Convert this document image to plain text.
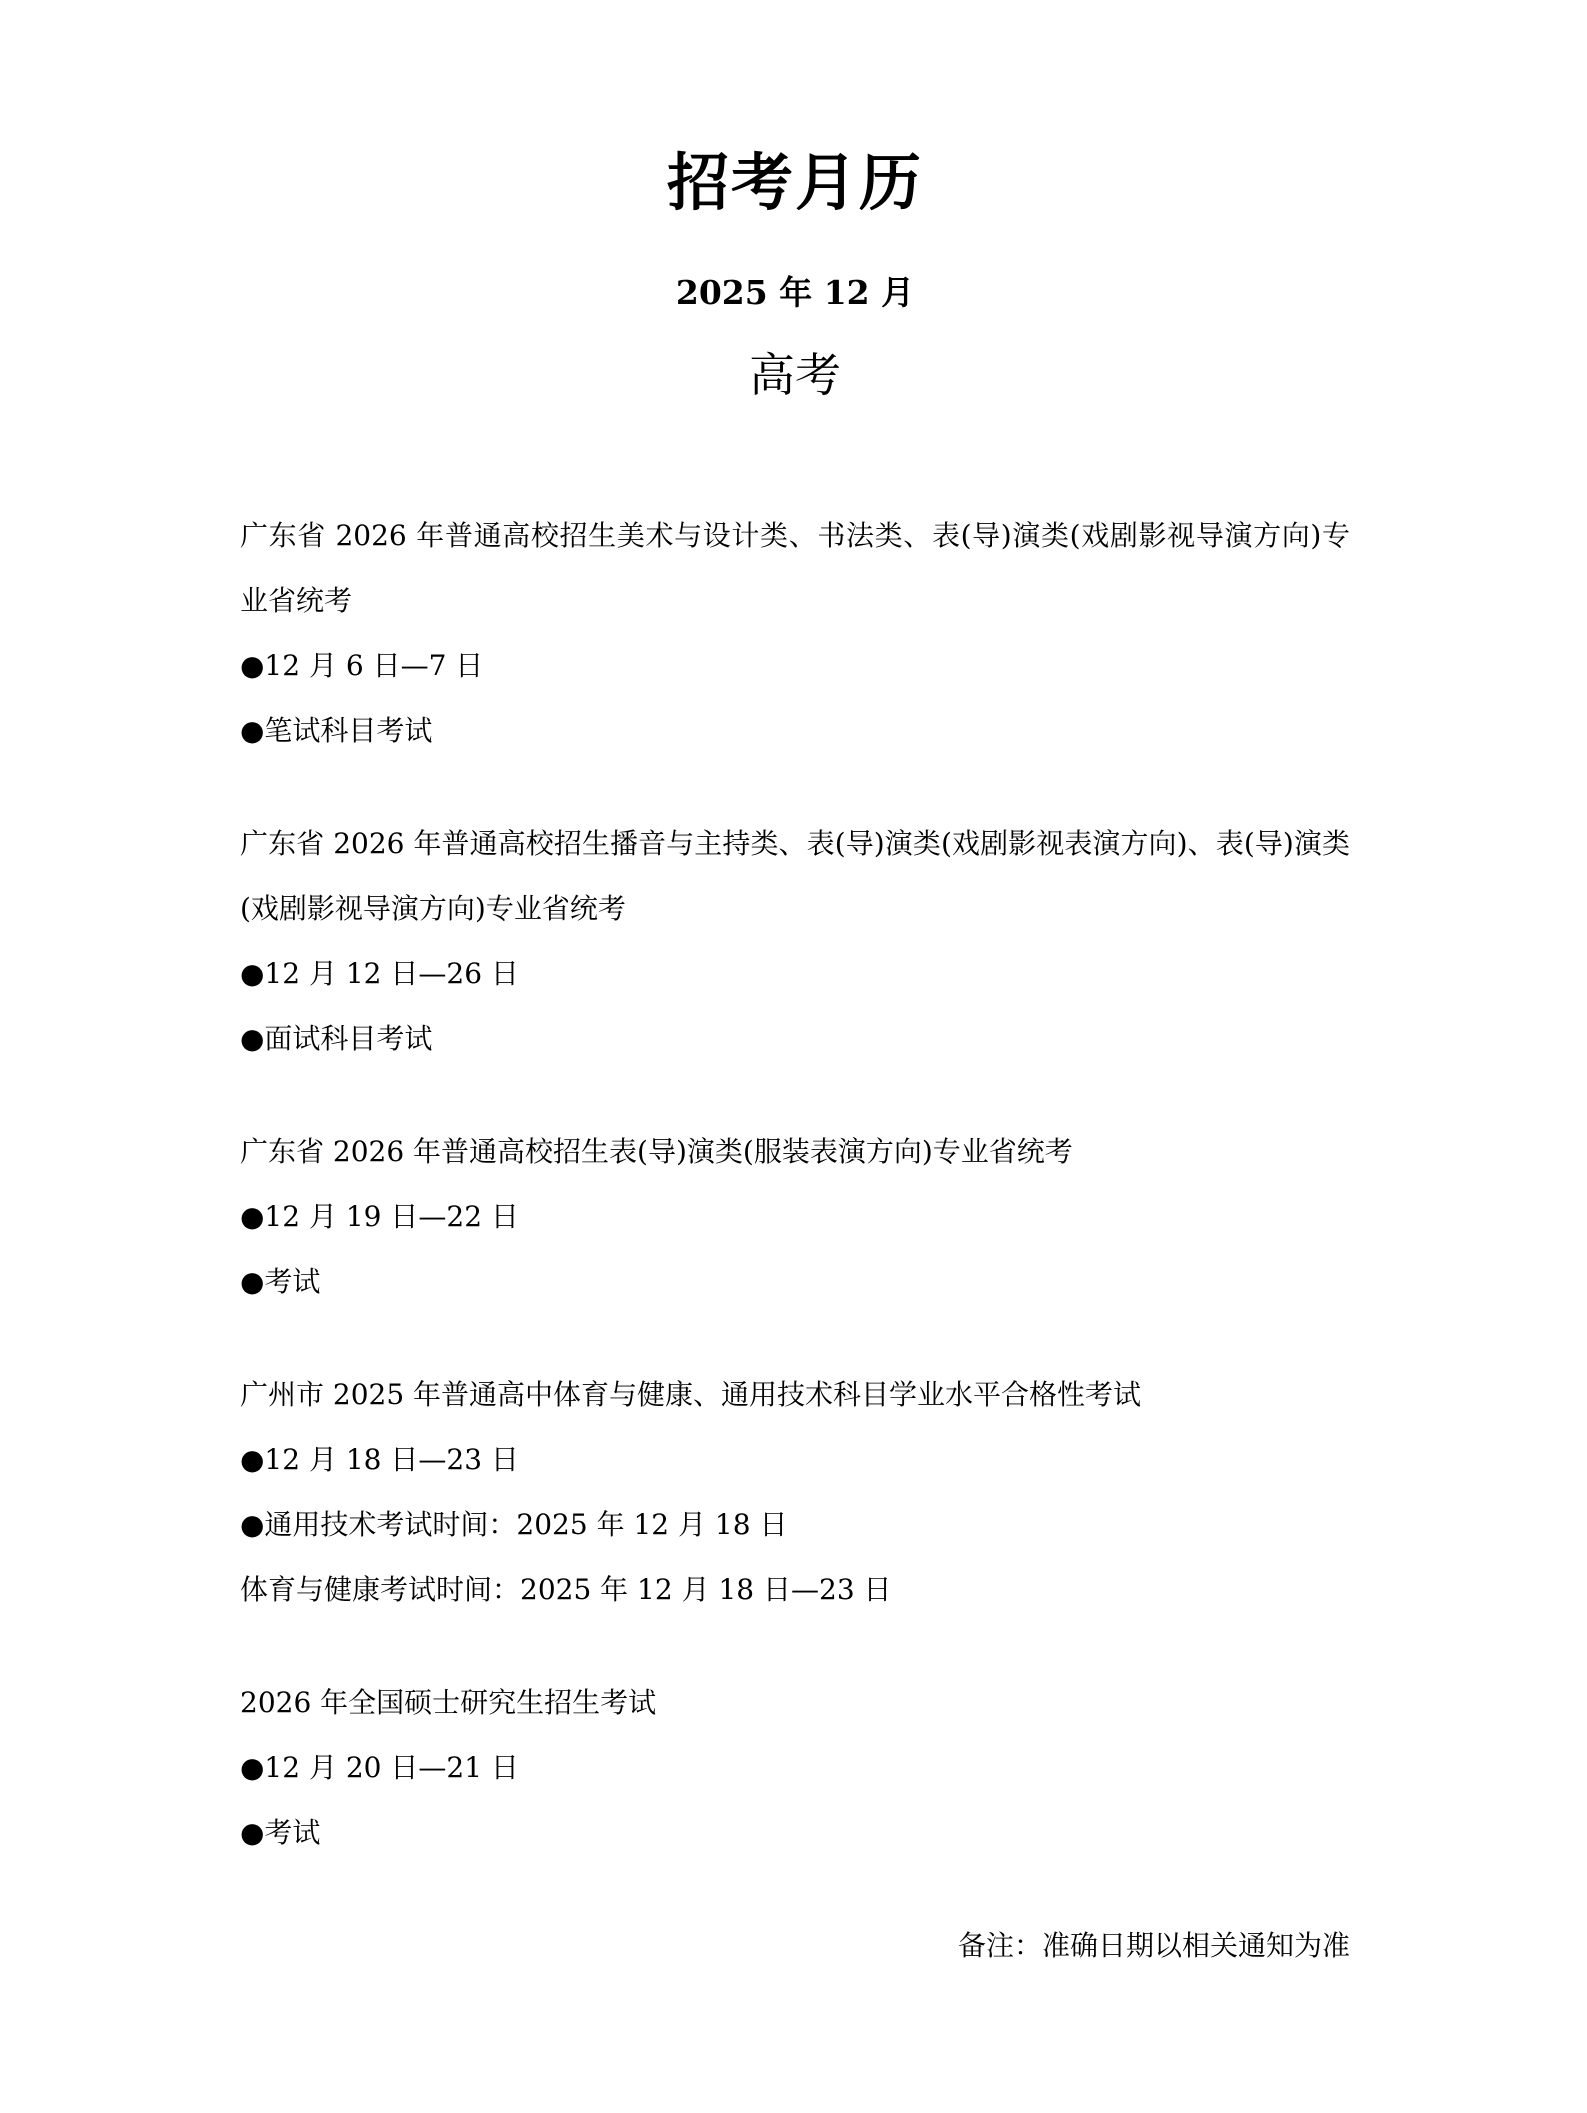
招考月历
2025 年 12 月
高考
广东省 2026 年普通高校招生美术与设计类、书法类、表(导)演类(戏剧影视导演方向)专业省统考
●12 月 6 日—7 日
●笔试科目考试
广东省 2026 年普通高校招生播音与主持类、表(导)演类(戏剧影视表演方向)、表(导)演类(戏剧影视导演方向)专业省统考
●12 月 12 日—26 日
●面试科目考试
广东省 2026 年普通高校招生表(导)演类(服装表演方向)专业省统考
●12 月 19 日—22 日
●考试
广州市 2025 年普通高中体育与健康、通用技术科目学业水平合格性考试
●12 月 18 日—23 日
●通用技术考试时间：2025 年 12 月 18 日
体育与健康考试时间：2025 年 12 月 18 日—23 日
2026 年全国硕士研究生招生考试
●12 月 20 日—21 日
●考试
备注：准确日期以相关通知为准
